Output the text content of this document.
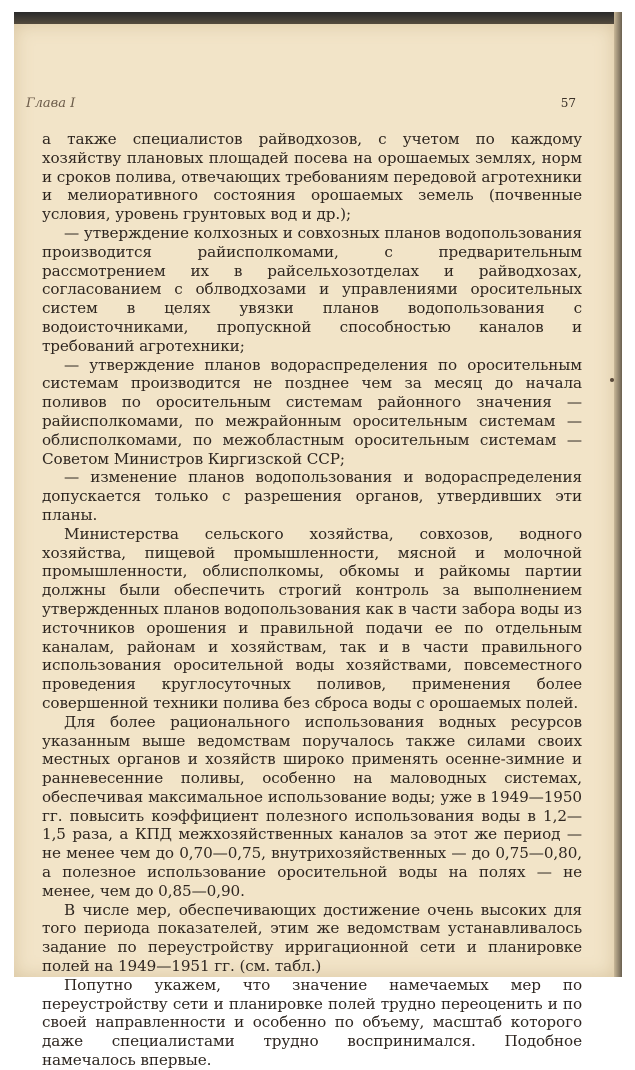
Глава I	57

а также специалистов райводхозов, с учетом по каждому хозяйству плановых площадей посева на орошаемых землях, норм и сроков полива, отвечающих требованиям передовой агротехники и мелиоративного состояния орошаемых земель (почвенные условия, уровень грунтовых вод и др.);

— утверждение колхозных и совхозных планов водопользования производится райисполкомами, с предварительным рассмотрением их в райсельхозотделах и райводхозах, согласованием с облводхозами и управлениями оросительных систем в целях увязки планов водопользования с водоисточниками, пропускной способностью каналов и требований агротехники;

— утверждение планов водораспределения по оросительным системам производится не позднее чем за месяц до начала поливов по оросительным системам районного значения — райисполкомами, по межрайонным оросительным системам — облисполкомами, по межобластным оросительным системам — Советом Министров Киргизской ССР;

— изменение планов водопользования и водораспределения допускается только с разрешения органов, утвердивших эти планы.

Министерства сельского хозяйства, совхозов, водного хозяйства, пищевой промышленности, мясной и молочной промышленности, облисполкомы, обкомы и райкомы партии должны были обеспечить строгий контроль за выполнением утвержденных планов водопользования как в части забора воды из источников орошения и правильной подачи ее по отдельным каналам, районам и хозяйствам, так и в части правильного использования оросительной воды хозяйствами, повсеместного проведения круглосуточных поливов, применения более совершенной техники полива без сброса воды с орошаемых полей.

Для более рационального использования водных ресурсов указанным выше ведомствам поручалось также силами своих местных органов и хозяйств широко применять осенне-зимние и ранневесенние поливы, особенно на маловодных системах, обеспечивая максимальное использование воды; уже в 1949—1950 гг. повысить коэффициент полезного использования воды в 1,2—1,5 раза, а КПД межхозяйственных каналов за этот же период — не менее чем до 0,70—0,75, внутрихозяйственных — до 0,75—0,80, а полезное использование оросительной воды на полях — не менее, чем до 0,85—0,90.

В числе мер, обеспечивающих достижение очень высоких для того периода показателей, этим же ведомствам устанавливалось задание по переустройству ирригационной сети и планировке полей на 1949—1951 гг. (см. табл.)

Попутно укажем, что значение намечаемых мер по переустройству сети и планировке полей трудно переоценить и по своей направленности и особенно по объему, масштаб которого даже специалистами трудно воспринимался. Подобное намечалось впервые.
